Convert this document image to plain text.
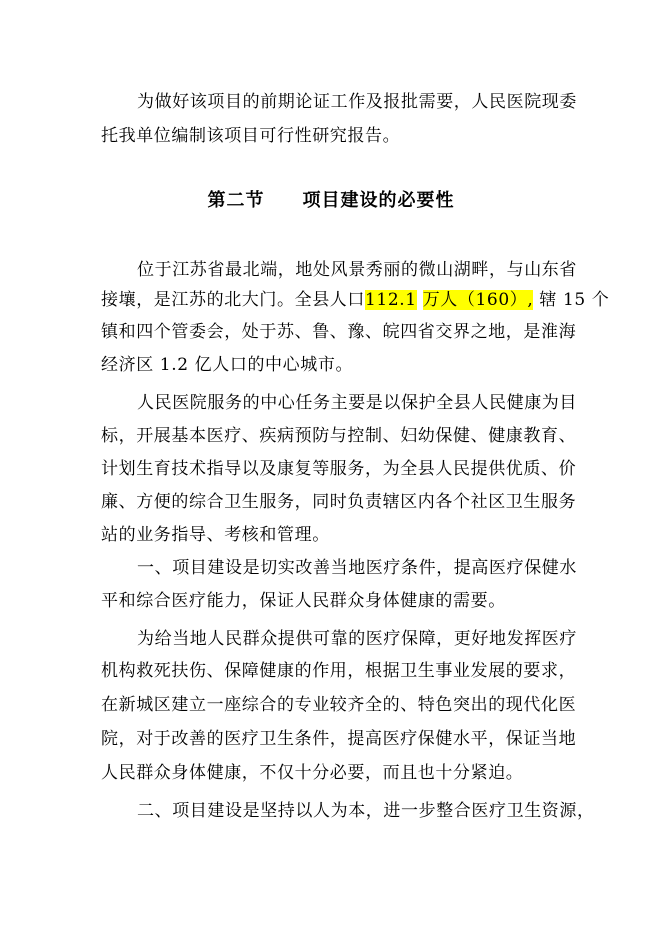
为做好该项目的前期论证工作及报批需要，人民医院现委
托我单位编制该项目可行性研究报告。
第二节 项目建设的必要性
位于江苏省最北端，地处风景秀丽的微山湖畔，与山东省
接壤，是江苏的北大门。全县人口112.1 万人（160）, 辖 15 个
镇和四个管委会，处于苏、鲁、豫、皖四省交界之地，是淮海
经济区 1.2 亿人口的中心城市。
人民医院服务的中心任务主要是以保护全县人民健康为目
标，开展基本医疗、疾病预防与控制、妇幼保健、健康教育、
计划生育技术指导以及康复等服务，为全县人民提供优质、价
廉、方便的综合卫生服务，同时负责辖区内各个社区卫生服务
站的业务指导、考核和管理。
一、项目建设是切实改善当地医疗条件，提高医疗保健水
平和综合医疗能力，保证人民群众身体健康的需要。
为给当地人民群众提供可靠的医疗保障，更好地发挥医疗
机构救死扶伤、保障健康的作用，根据卫生事业发展的要求，
在新城区建立一座综合的专业较齐全的、特色突出的现代化医
院，对于改善的医疗卫生条件，提高医疗保健水平，保证当地
人民群众身体健康，不仅十分必要，而且也十分紧迫。
二、项目建设是坚持以人为本，进一步整合医疗卫生资源，
